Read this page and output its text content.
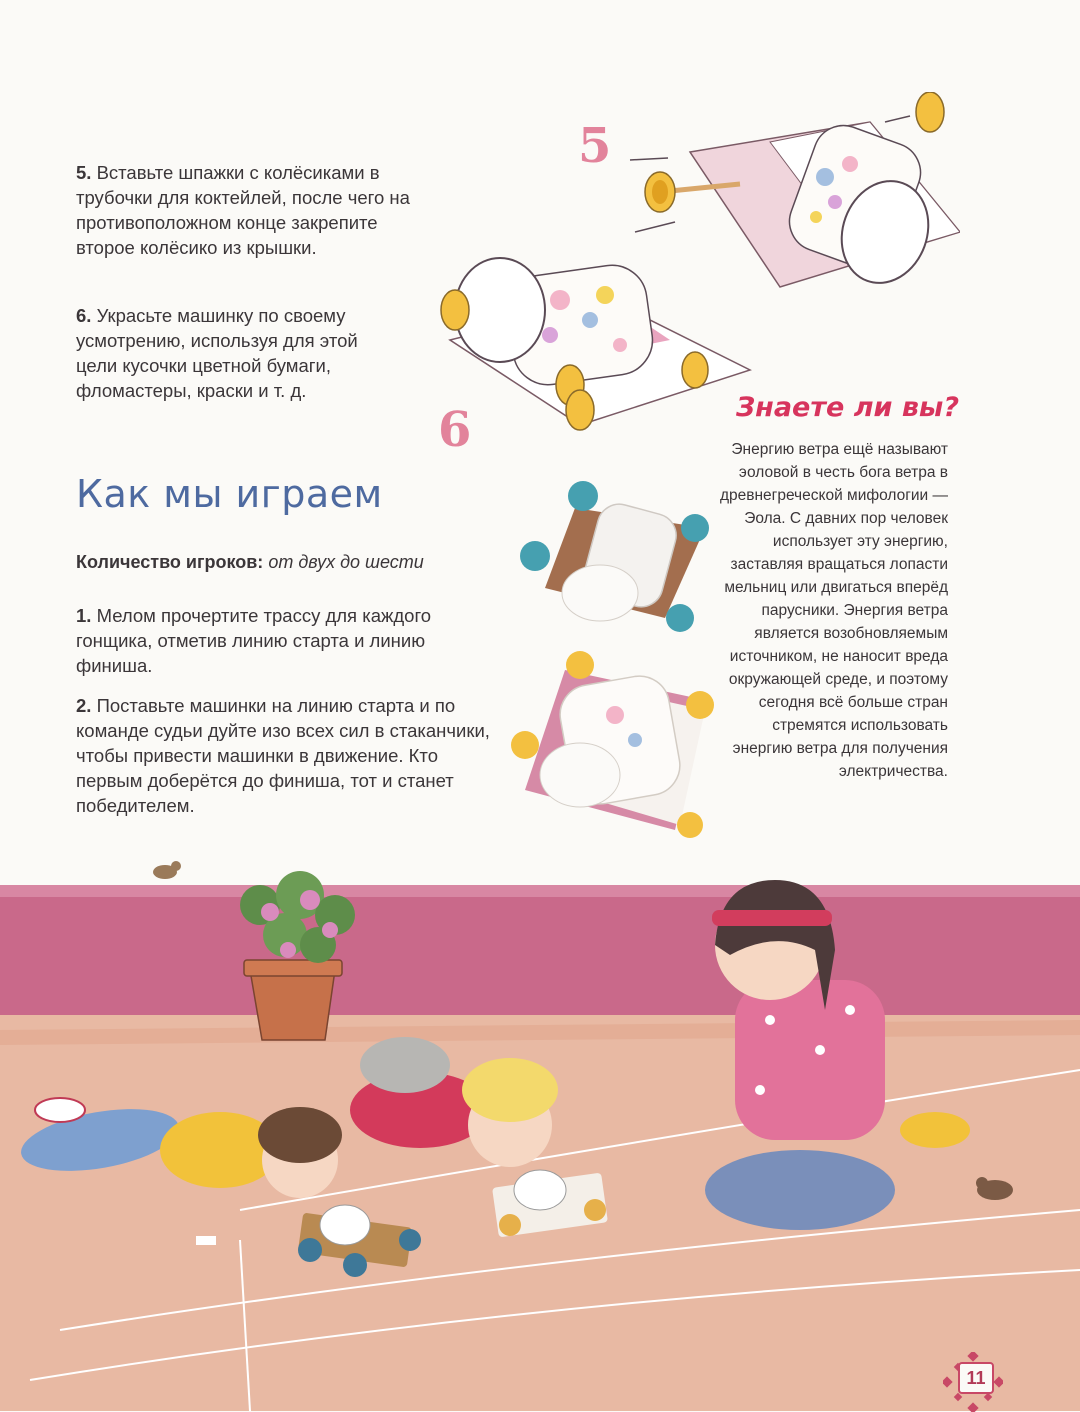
5. Вставьте шпажки с колёсиками в трубочки для коктейлей, после чего на противоположном конце закрепите второе колёсико из крышки.
6. Украсьте машинку по своему усмотрению, используя для этой цели кусочки цветной бумаги, фломастеры, краски и т. д.
5
6
Как мы играем
Количество игроков: от двух до шести
1. Мелом прочертите трассу для каждого гонщика, отметив линию старта и линию финиша.
2. Поставьте машинки на линию старта и по команде судьи дуйте изо всех сил в стаканчики, чтобы привести машинки в движение. Кто первым доберётся до финиша, тот и станет победителем.
Знаете ли вы?
Энергию ветра ещё называют эоловой в честь бога ветра в древнегреческой мифологии — Эола. С давних пор человек использует эту энергию, заставляя вращаться лопасти мельниц или двигаться вперёд парусники. Энергия ветра является возобновляемым источником, не наносит вреда окружающей среде, и поэтому сегодня всё больше стран стремятся использовать энергию ветра для получения электричества.
11
